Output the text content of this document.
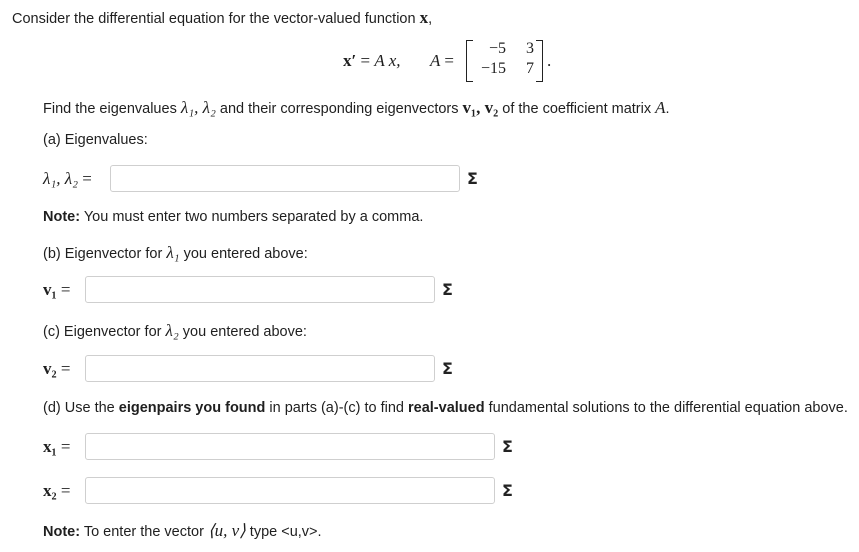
Consider the differential equation for the vector-valued function x,
x′ = A x, A =
−5	3
−15	7 .
Find the eigenvalues λ₁, λ₂ and their corresponding eigenvectors v₁, v₂ of the coefficient matrix A.
(a) Eigenvalues:
λ₁, λ₂ =	Σ
Note: You must enter two numbers separated by a comma.
(b) Eigenvector for λ₁ you entered above:
v₁ =	Σ
(c) Eigenvector for λ₂ you entered above:
v₂ =	Σ
(d) Use the eigenpairs you found in parts (a)-(c) to find real-valued fundamental solutions to the differential equation above.
x₁ =	Σ
x₂ =	Σ
Note: To enter the vector ⟨u, v⟩ type <u,v>.
